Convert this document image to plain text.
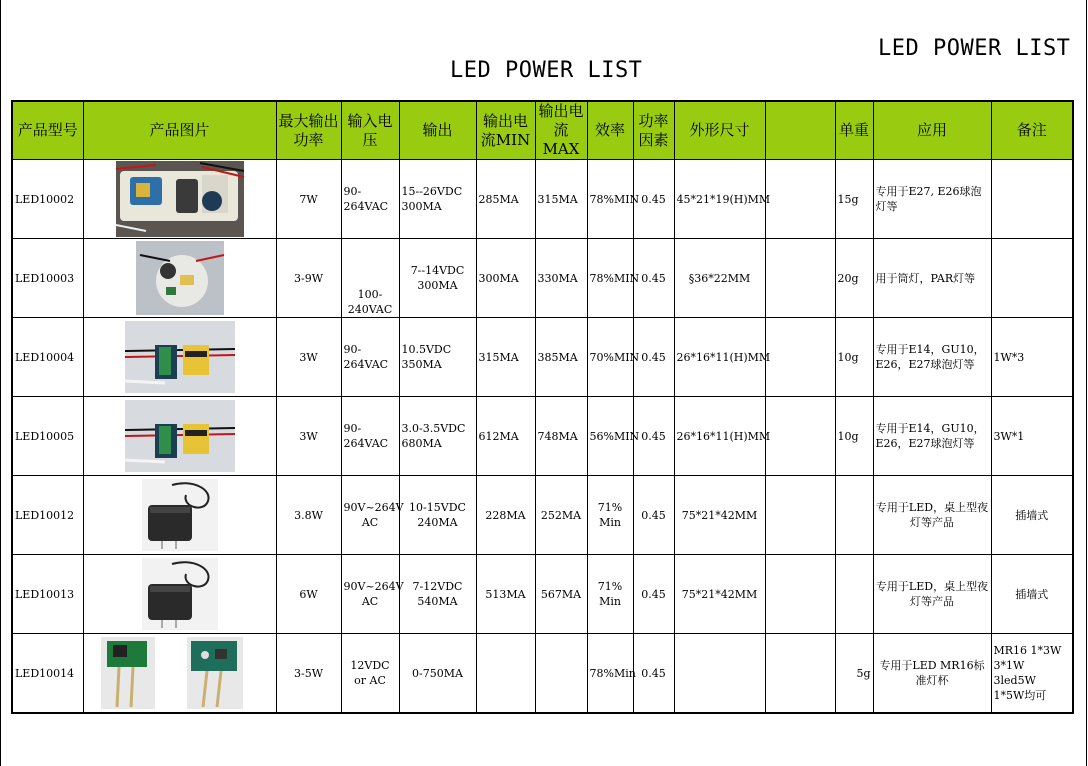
LED POWER LIST
LED POWER LIST
产品型号	产品图片	最大输出功率	输入电压	输出	输出电流MIN	输出电流MAX	效率	功率因素	外形尺寸		单重	应用	备注
LED10002		7W	90-264VAC	15--26VDC 300MA	285MA	315MA	78%MIN	0.45	45*21*19(H)MM		15g	专用于E27, E26球泡灯等	
LED10003		3-9W	100-240VAC	7--14VDC 300MA	300MA	330MA	78%MIN	0.45	§36*22MM		20g	用于筒灯，PAR灯等	
LED10004		3W	90-264VAC	10.5VDC 350MA	315MA	385MA	70%MIN	0.45	26*16*11(H)MM		10g	专用于E14，GU10，E26，E27球泡灯等	1W*3
LED10005		3W	90-264VAC	3.0-3.5VDC 680MA	612MA	748MA	56%MIN	0.45	26*16*11(H)MM		10g	专用于E14，GU10，E26，E27球泡灯等	3W*1
LED10012		3.8W	90V~264V AC	10-15VDC 240MA	228MA	252MA	71% Min	0.45	75*21*42MM			专用于LED，桌上型夜灯等产品	插墙式
LED10013		6W	90V~264V AC	7-12VDC 540MA	513MA	567MA	71% Min	0.45	75*21*42MM			专用于LED，桌上型夜灯等产品	插墙式
LED10014		3-5W	12VDC or AC	0-750MA			78%Min	0.45			5g	专用于LED MR16标准灯杯	MR16 1*3W 3*1W 3led5W 1*5W均可
